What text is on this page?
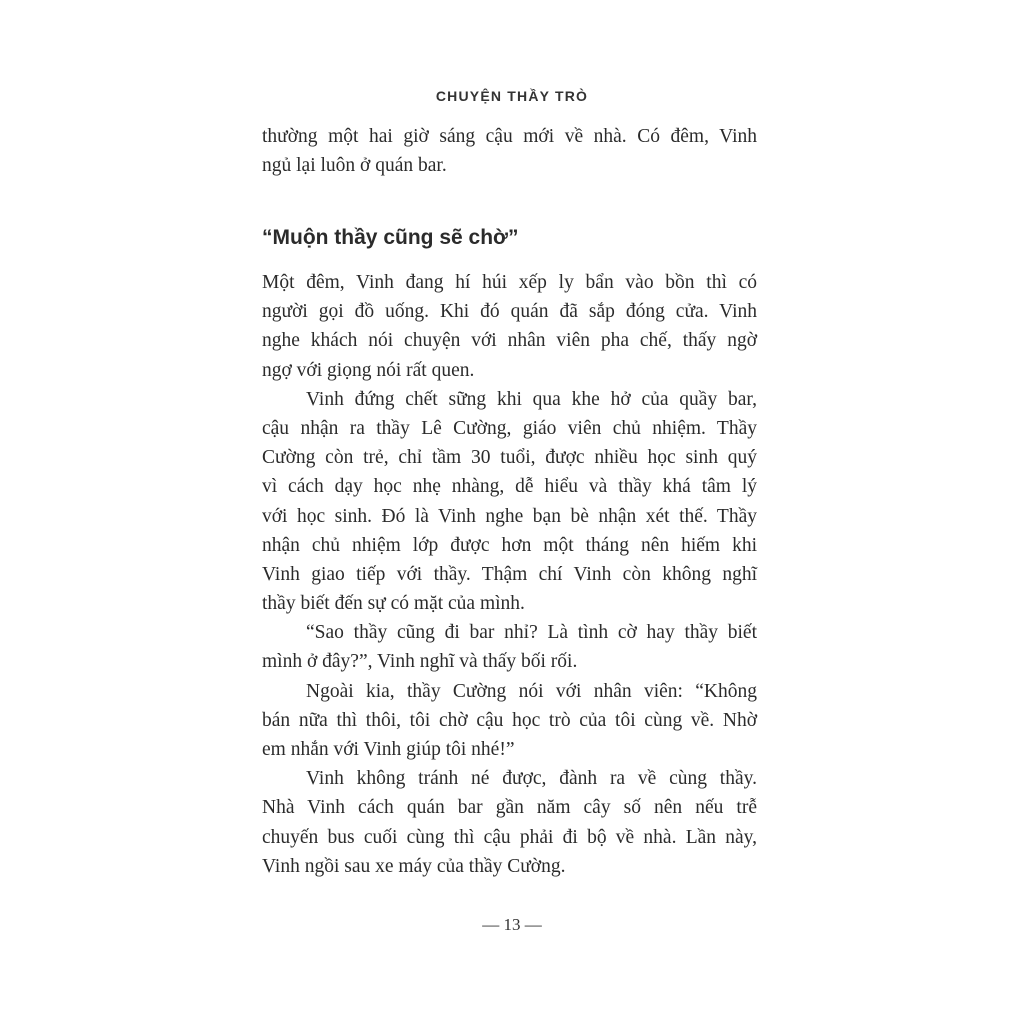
CHUYỆN THẦY TRÒ
thường một hai giờ sáng cậu mới về nhà. Có đêm, Vinh
ngủ lại luôn ở quán bar.
“Muộn thầy cũng sẽ chờ”
Một đêm, Vinh đang hí húi xếp ly bẩn vào bồn thì có
người gọi đồ uống. Khi đó quán đã sắp đóng cửa. Vinh
nghe khách nói chuyện với nhân viên pha chế, thấy ngờ
ngợ với giọng nói rất quen.
Vinh đứng chết sững khi qua khe hở của quầy bar,
cậu nhận ra thầy Lê Cường, giáo viên chủ nhiệm. Thầy
Cường còn trẻ, chỉ tầm 30 tuổi, được nhiều học sinh quý
vì cách dạy học nhẹ nhàng, dễ hiểu và thầy khá tâm lý
với học sinh. Đó là Vinh nghe bạn bè nhận xét thế. Thầy
nhận chủ nhiệm lớp được hơn một tháng nên hiếm khi
Vinh giao tiếp với thầy. Thậm chí Vinh còn không nghĩ
thầy biết đến sự có mặt của mình.
“Sao thầy cũng đi bar nhỉ? Là tình cờ hay thầy biết
mình ở đây?”, Vinh nghĩ và thấy bối rối.
Ngoài kia, thầy Cường nói với nhân viên: “Không
bán nữa thì thôi, tôi chờ cậu học trò của tôi cùng về. Nhờ
em nhắn với Vinh giúp tôi nhé!”
Vinh không tránh né được, đành ra về cùng thầy.
Nhà Vinh cách quán bar gần năm cây số nên nếu trễ
chuyến bus cuối cùng thì cậu phải đi bộ về nhà. Lần này,
Vinh ngồi sau xe máy của thầy Cường.
— 13 —
